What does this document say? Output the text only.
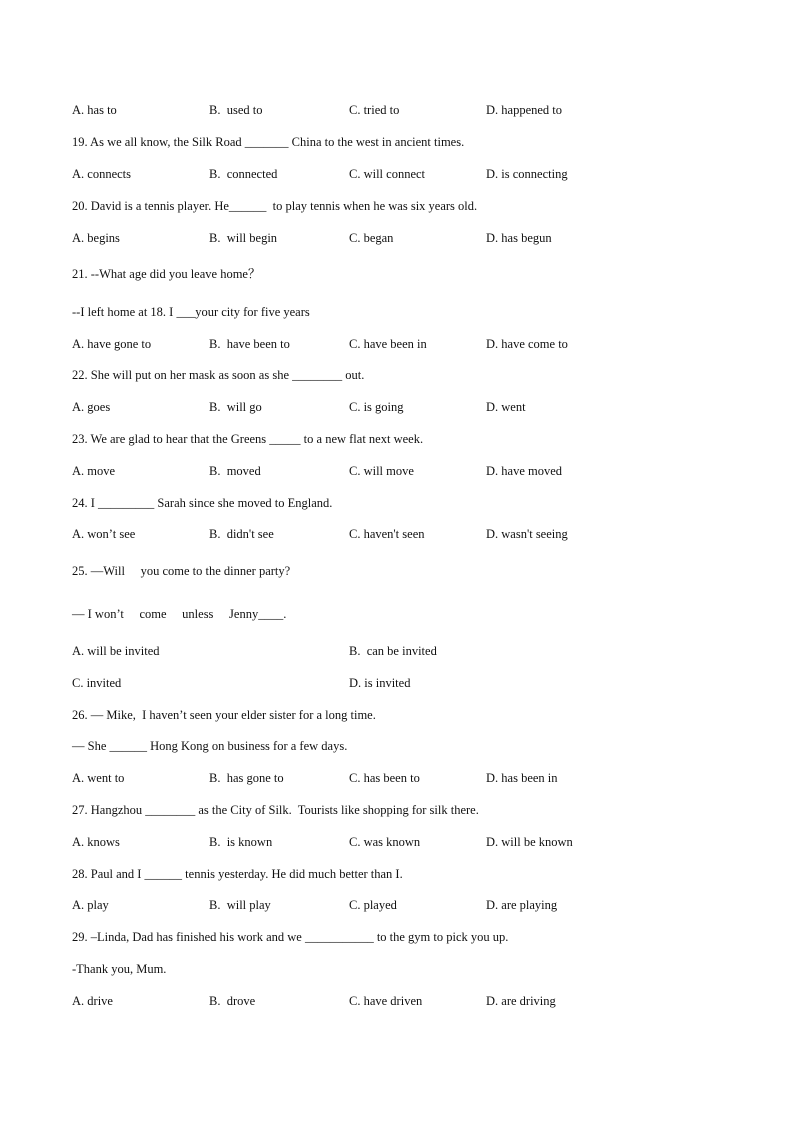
A. has to	B.  used to	C. tried to	D. happened to
19. As we all know, the Silk Road _______ China to the west in ancient times.
A. connects	B.  connected	C. will connect	D. is connecting
20. David is a tennis player. He______  to play tennis when he was six years old.
A. begins	B.  will begin	C. began	D. has begun
21. --What age did you leave home？
--I left home at 18. I ___your city for five years
A. have gone to	B.  have been to	C. have been in	D. have come to
22. She will put on her mask as soon as she ________ out.
A. goes	B.  will go	C. is going	D. went
23. We are glad to hear that the Greens _____ to a new flat next week.
A. move	B.  moved	C. will move	D. have moved
24. I _________ Sarah since she moved to England.
A. won’t see	B.  didn't see	C. haven't seen	D. wasn't seeing
25. —Will     you come to the dinner party?
— I won’t     come     unless     Jenny____.
A. will be invited	B.  can be invited
C. invited	D. is invited
26. — Mike,  I haven’t seen your elder sister for a long time.
— She ______ Hong Kong on business for a few days.
A. went to	B.  has gone to	C. has been to	D. has been in
27. Hangzhou ________ as the City of Silk.  Tourists like shopping for silk there.
A. knows	B.  is known	C. was known	D. will be known
28. Paul and I ______ tennis yesterday. He did much better than I.
A. play	B.  will play	C. played	D. are playing
29. –Linda, Dad has finished his work and we ___________ to the gym to pick you up.
-Thank you, Mum.
A. drive	B.  drove	C. have driven	D. are driving
